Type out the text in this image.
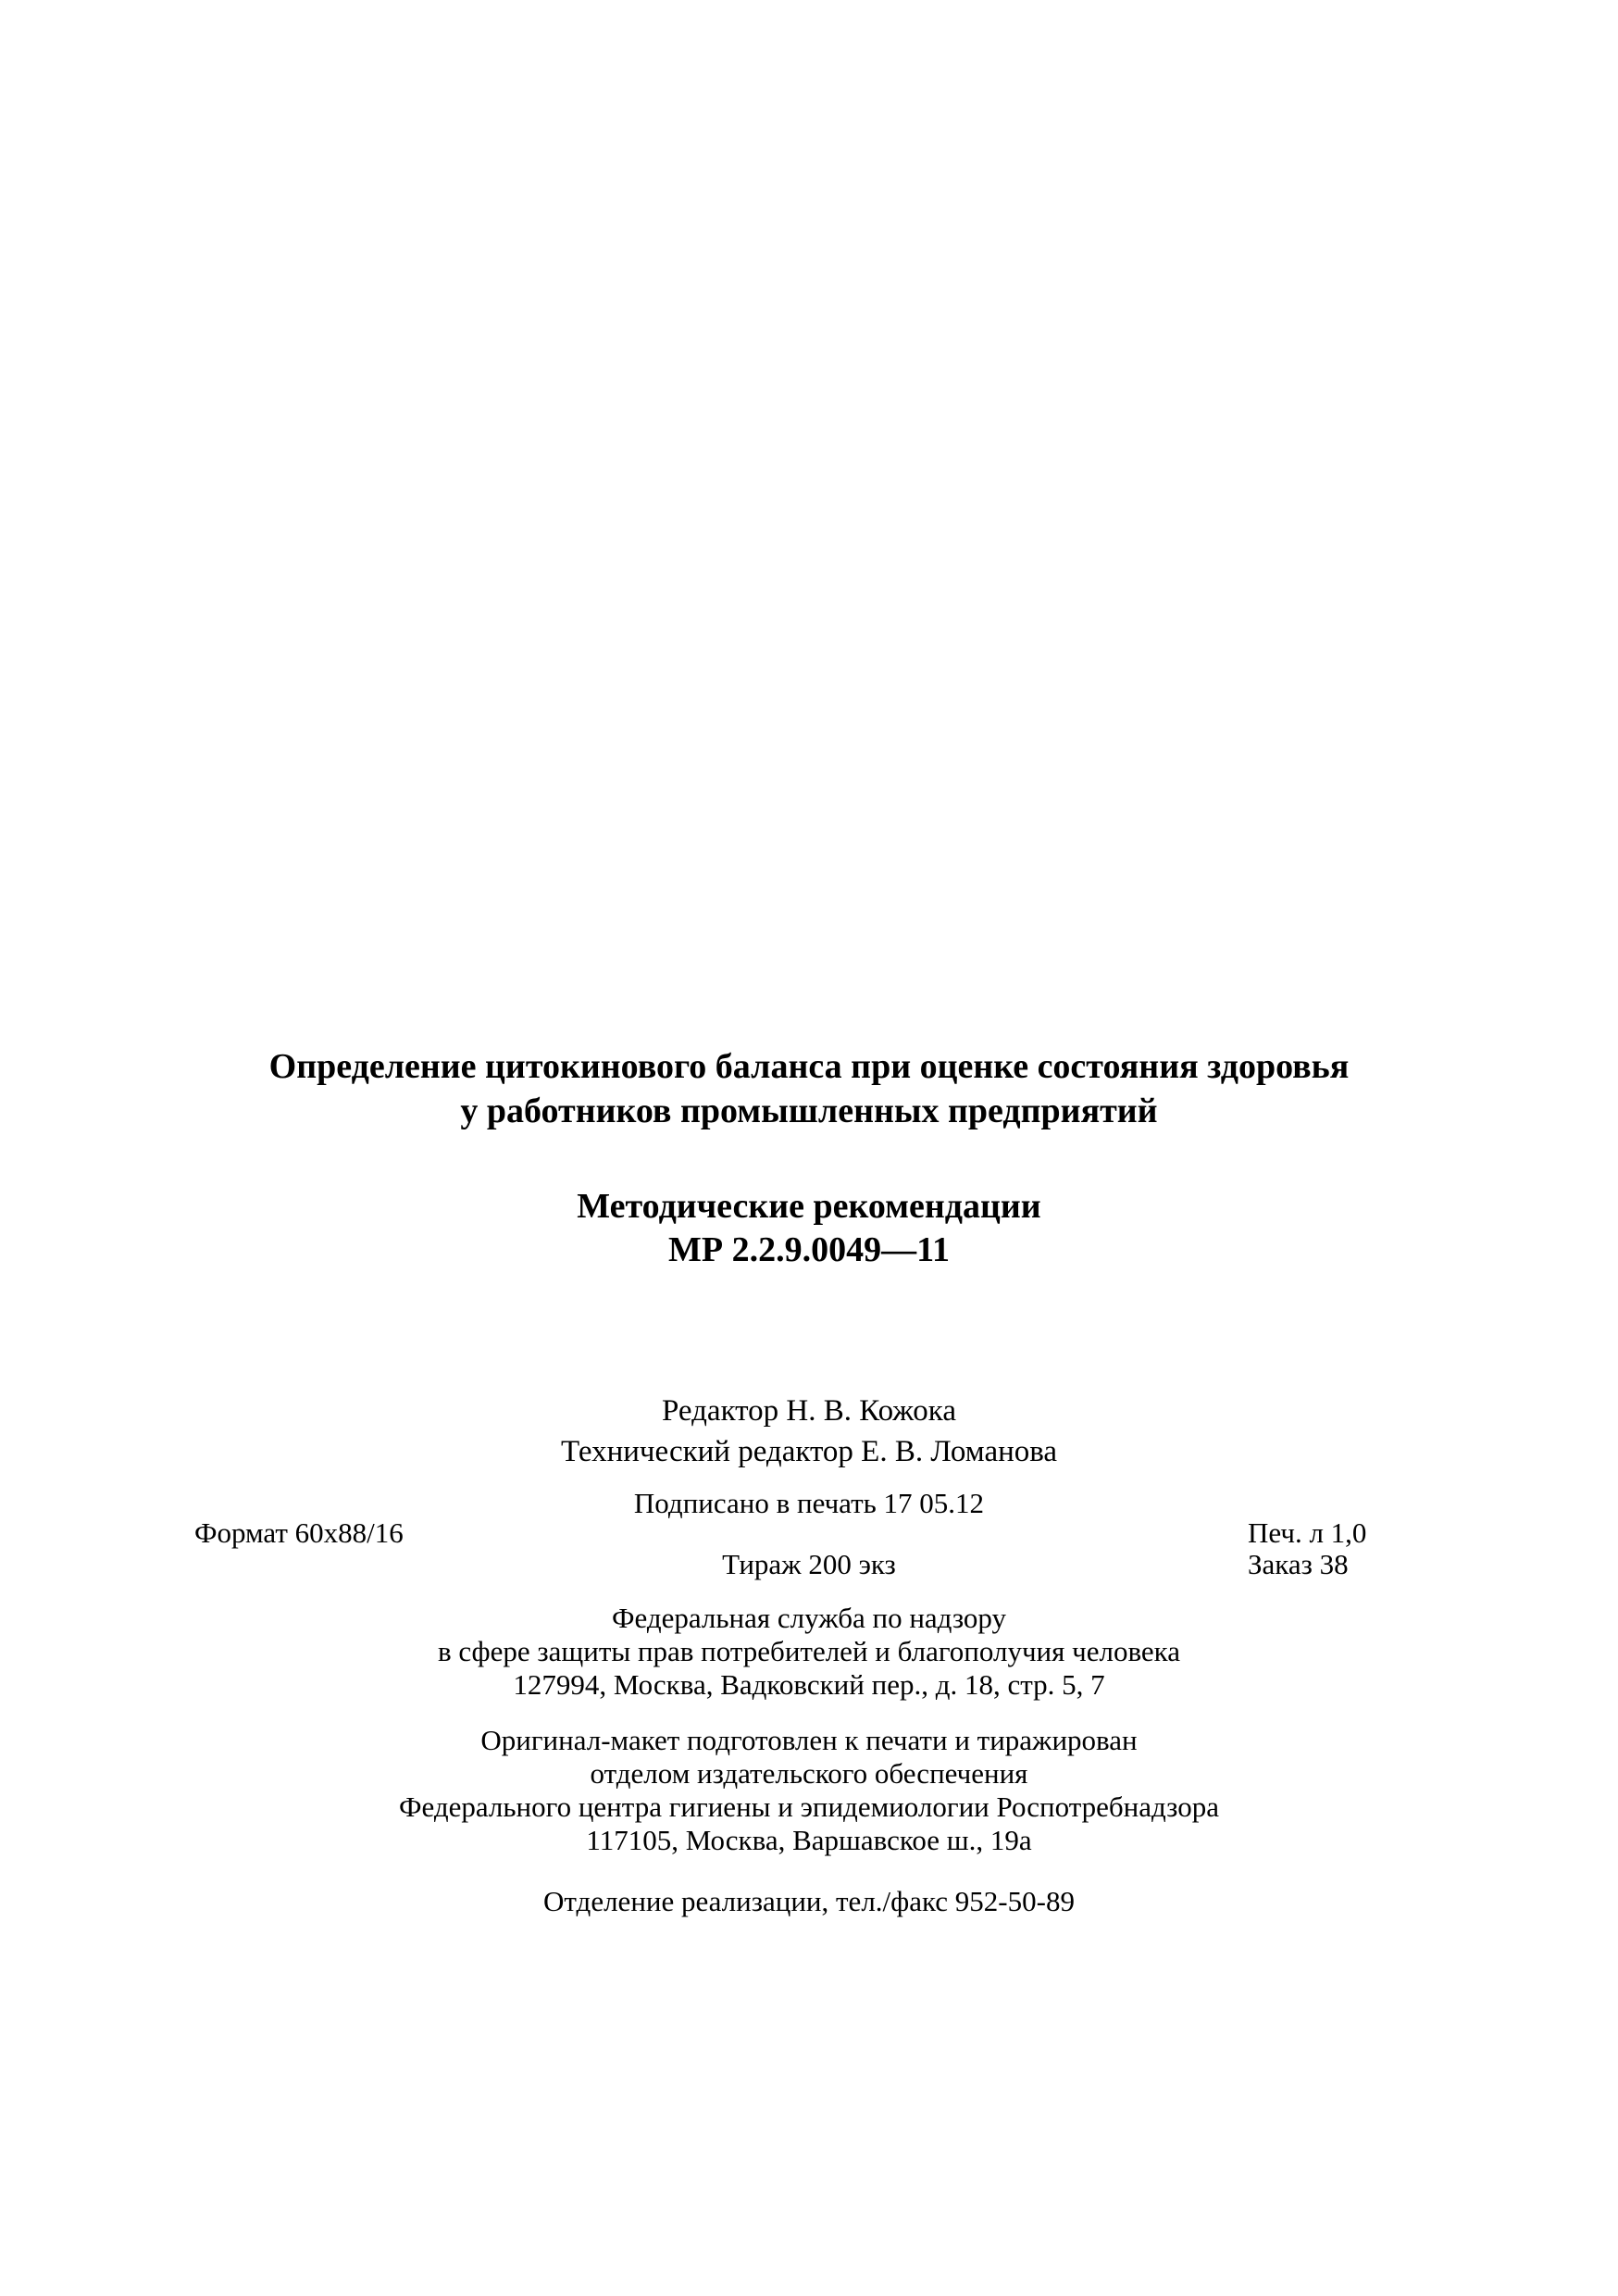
Определение цитокинового баланса при оценке состояния здоровья
у работников промышленных предприятий
Методические рекомендации
МР 2.2.9.0049—11
Редактор Н. В. Кожока
Технический редактор Е. В. Ломанова
Подписано в печать 17 05.12
Формат 60x88/16	Печ. л 1,0
Тираж 200 экз	Заказ 38
Федеральная служба по надзору
в сфере защиты прав потребителей и благополучия человека
127994, Москва, Вадковский пер., д. 18, стр. 5, 7
Оригинал-макет подготовлен к печати и тиражирован
отделом издательского обеспечения
Федерального центра гигиены и эпидемиологии Роспотребнадзора
117105, Москва, Варшавское ш., 19а
Отделение реализации, тел./факс 952-50-89
